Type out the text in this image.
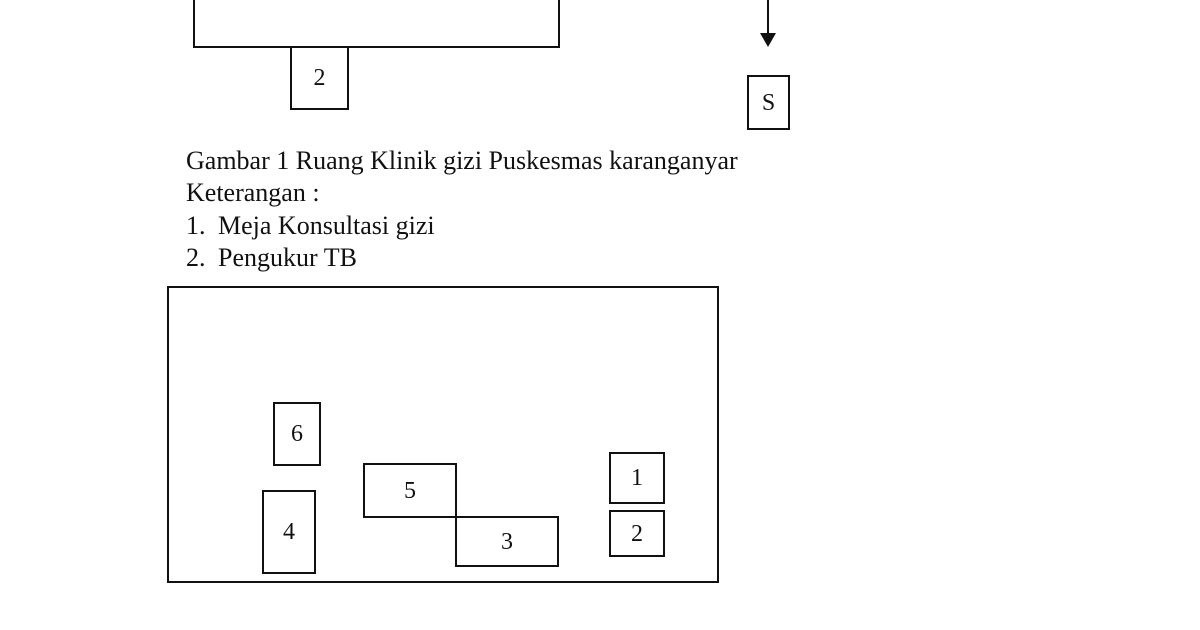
2
S
Gambar 1 Ruang Klinik gizi Puskesmas karanganyar
Keterangan :
1. Meja Konsultasi gizi
2. Pengukur TB
6
4
5
3
1
2
